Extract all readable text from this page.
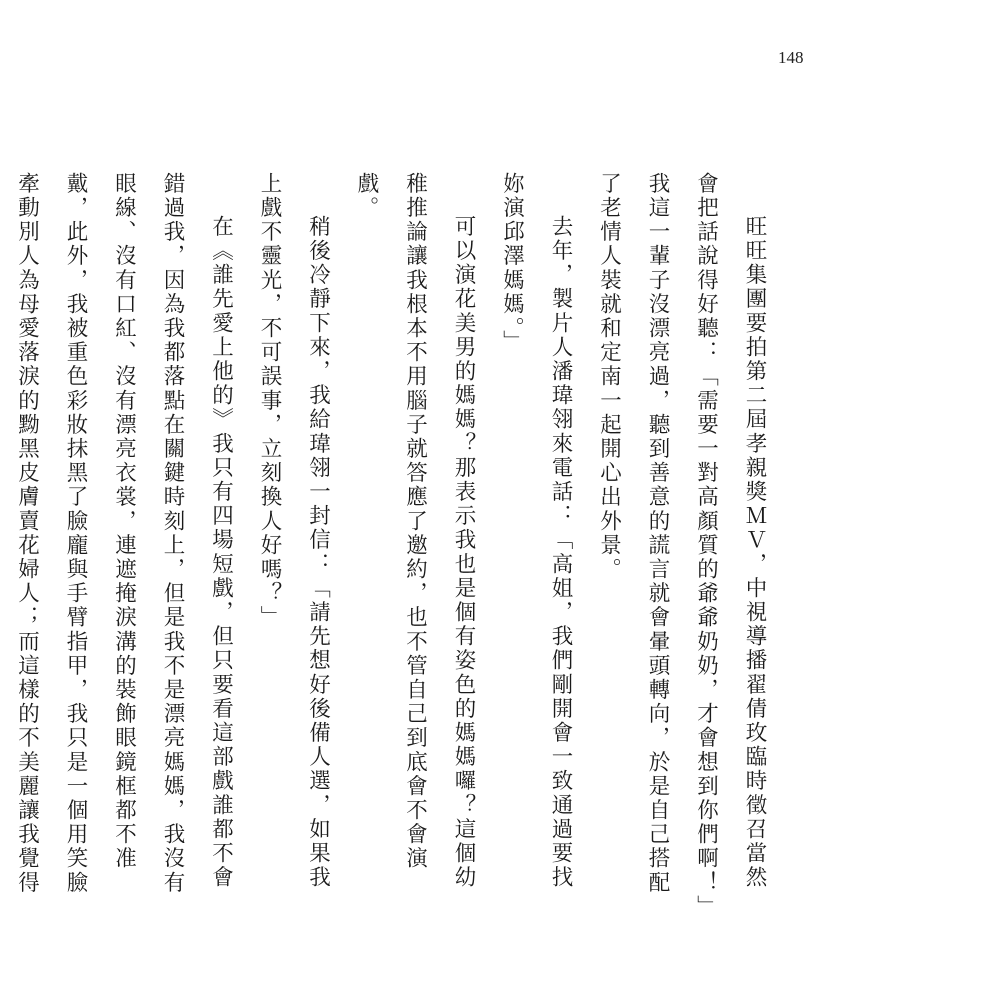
148

旺旺集團要拍第二屆孝親獎ＭＶ，中視導播翟倩玫臨時徵召當然會把話說得好聽：「需要一對高顏質的爺爺奶奶，才會想到你們啊！」我這一輩子沒漂亮過，聽到善意的謊言就會暈頭轉向，於是自己搭配了老情人裝就和定南一起開心出外景。

去年，製片人潘瑋翎來電話：「高姐，我們剛開會一致通過要找妳演邱澤媽媽。」

可以演花美男的媽媽？那表示我也是個有姿色的媽媽囉？這個幼稚推論讓我根本不用腦子就答應了邀約，也不管自己到底會不會演戲。

稍後冷靜下來，我給瑋翎一封信：「請先想好後備人選，如果我上戲不靈光，不可誤事，立刻換人好嗎？」

在《誰先愛上他的》我只有四場短戲，但只要看這部戲誰都不會錯過我，因為我都落點在關鍵時刻上，但是我不是漂亮媽媽，我沒有眼線、沒有口紅、沒有漂亮衣裳，連遮掩淚溝的裝飾眼鏡框都不准戴，此外，我被重色彩妝抹黑了臉龐與手臂指甲，我只是一個用笑臉牽動別人為母愛落淚的黝黑皮膚賣花婦人；而這樣的不美麗讓我覺得
